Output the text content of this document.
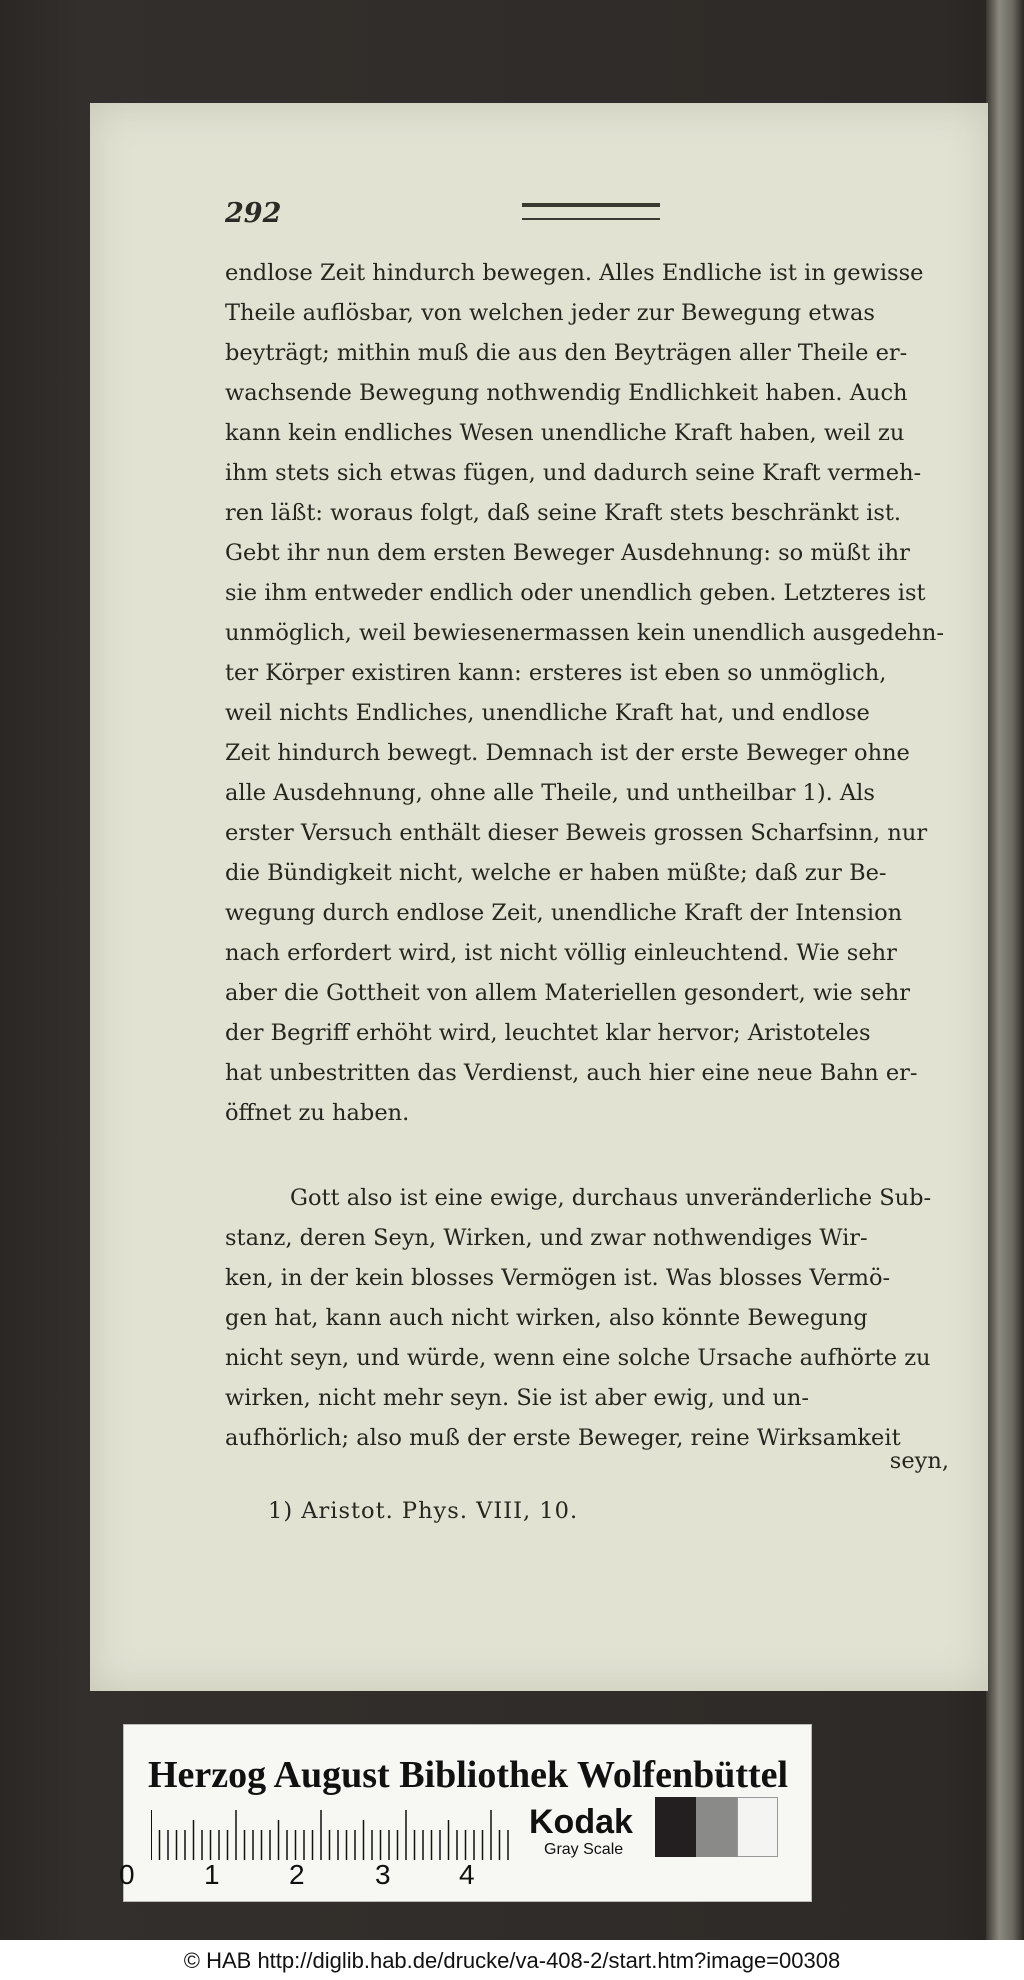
292

endlose Zeit hindurch bewegen. Alles Endliche ist in gewisse

Theile auflösbar, von welchen jeder zur Bewegung etwas

beyträgt; mithin muß die aus den Beyträgen aller Theile er-

wachsende Bewegung nothwendig Endlichkeit haben. Auch

kann kein endliches Wesen unendliche Kraft haben, weil zu

ihm stets sich etwas fügen, und dadurch seine Kraft vermeh-

ren läßt: woraus folgt, daß seine Kraft stets beschränkt ist.

Gebt ihr nun dem ersten Beweger Ausdehnung: so müßt ihr

sie ihm entweder endlich oder unendlich geben. Letzteres ist

unmöglich, weil bewiesenermassen kein unendlich ausgedehn-

ter Körper existiren kann: ersteres ist eben so unmöglich,

weil nichts Endliches, unendliche Kraft hat, und endlose

Zeit hindurch bewegt. Demnach ist der erste Beweger ohne

alle Ausdehnung, ohne alle Theile, und untheilbar 1). Als

erster Versuch enthält dieser Beweis grossen Scharfsinn, nur

die Bündigkeit nicht, welche er haben müßte; daß zur Be-

wegung durch endlose Zeit, unendliche Kraft der Intension

nach erfordert wird, ist nicht völlig einleuchtend. Wie sehr

aber die Gottheit von allem Materiellen gesondert, wie sehr

der Begriff erhöht wird, leuchtet klar hervor; Aristoteles

hat unbestritten das Verdienst, auch hier eine neue Bahn er-

öffnet zu haben.

Gott also ist eine ewige, durchaus unveränderliche Sub-

stanz, deren Seyn, Wirken, und zwar nothwendiges Wir-

ken, in der kein blosses Vermögen ist. Was blosses Vermö-

gen hat, kann auch nicht wirken, also könnte Bewegung

nicht seyn, und würde, wenn eine solche Ursache aufhörte zu

wirken, nicht mehr seyn. Sie ist aber ewig, und un-

aufhörlich; also muß der erste Beweger, reine Wirksamkeit

seyn,
1) Aristot. Phys. VIII, 10.
Herzog August Bibliothek Wolfenbüttel
0 1 2	3 4
Kodak
Gray Scale
© HAB http://diglib.hab.de/drucke/va-408-2/start.htm?image=00308
